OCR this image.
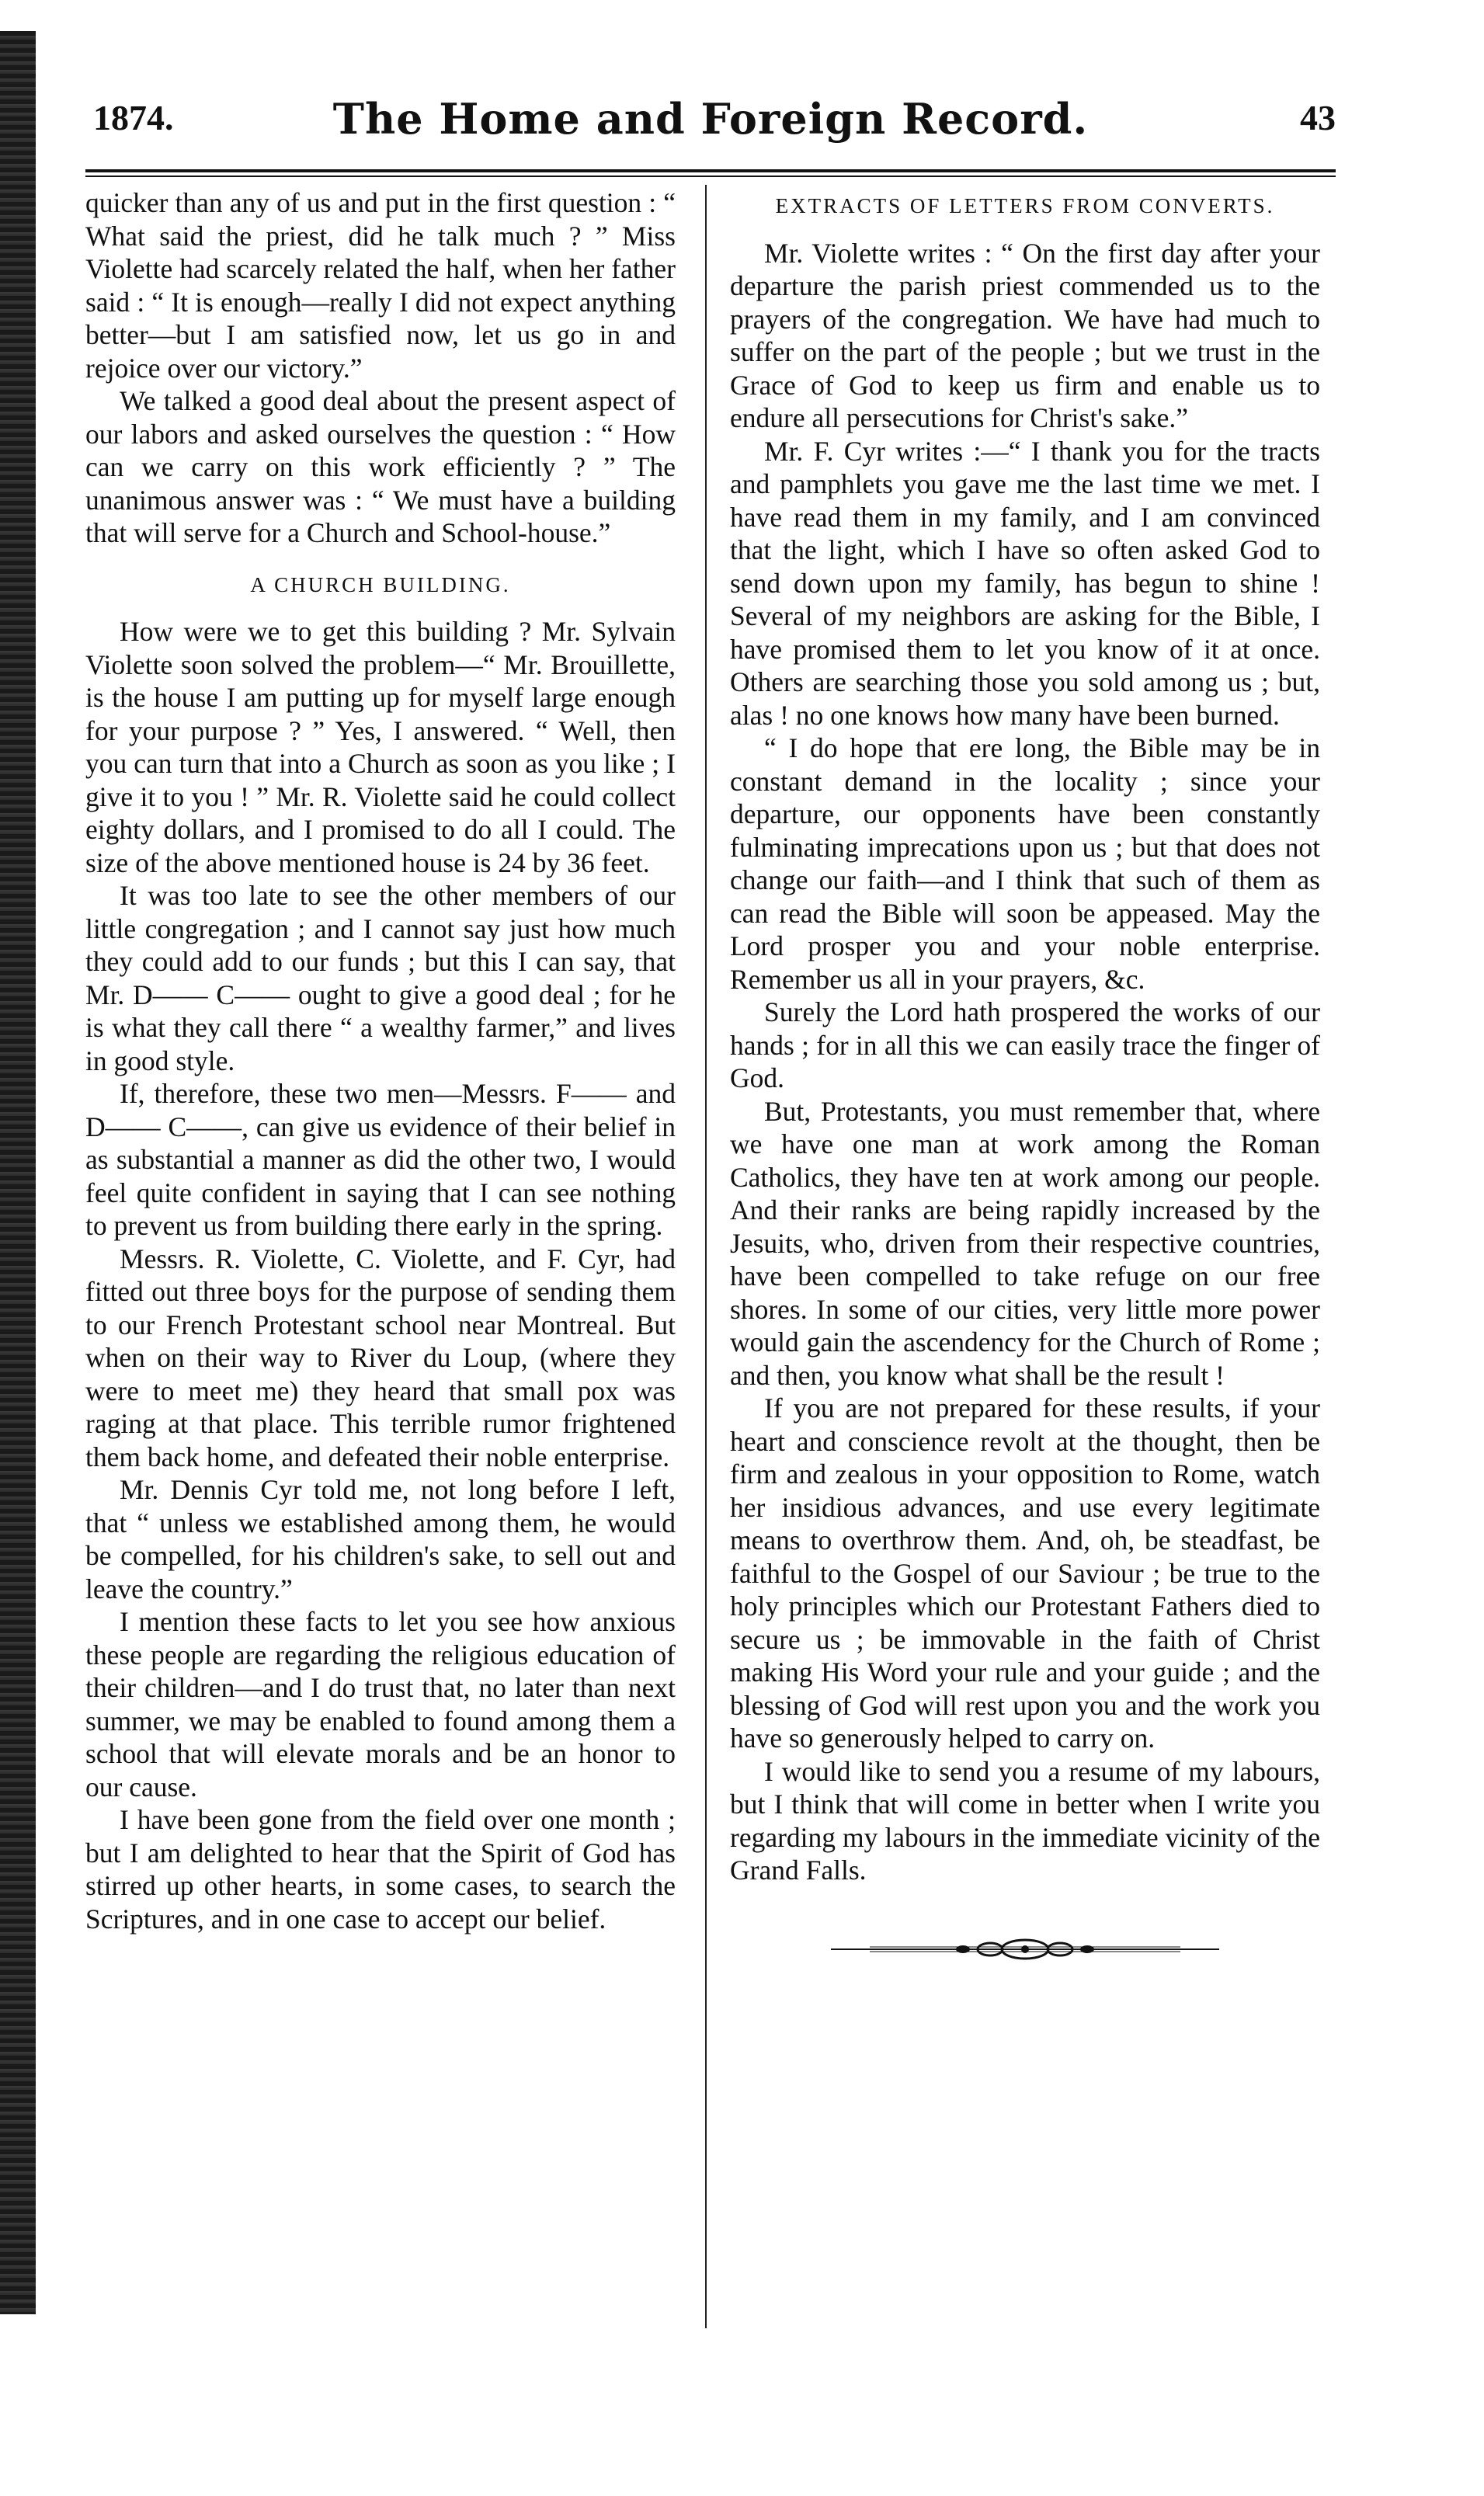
1874.	The Home and Foreign Record.	43

quicker than any of us and put in the first question : “ What said the priest, did he talk much ? ” Miss Violette had scarcely related the half, when her father said : “ It is enough—really I did not expect anything better—but I am satisfied now, let us go in and rejoice over our victory.”

We talked a good deal about the present aspect of our labors and asked ourselves the question : “ How can we carry on this work efficiently ? ” The unanimous answer was : “ We must have a building that will serve for a Church and School-house.”

A CHURCH BUILDING.

How were we to get this building ? Mr. Sylvain Violette soon solved the problem—“ Mr. Brouillette, is the house I am putting up for myself large enough for your purpose ? ” Yes, I answered. “ Well, then you can turn that into a Church as soon as you like ; I give it to you ! ” Mr. R. Violette said he could collect eighty dollars, and I promised to do all I could. The size of the above mentioned house is 24 by 36 feet.

It was too late to see the other members of our little congregation ; and I cannot say just how much they could add to our funds ; but this I can say, that Mr. D—— C—— ought to give a good deal ; for he is what they call there “ a wealthy farmer,” and lives in good style.

If, therefore, these two men—Messrs. F—— and D—— C——, can give us evidence of their belief in as substantial a manner as did the other two, I would feel quite confident in saying that I can see nothing to prevent us from building there early in the spring.

Messrs. R. Violette, C. Violette, and F. Cyr, had fitted out three boys for the purpose of sending them to our French Protestant school near Montreal. But when on their way to River du Loup, (where they were to meet me) they heard that small pox was raging at that place. This terrible rumor frightened them back home, and defeated their noble enterprise.

Mr. Dennis Cyr told me, not long before I left, that “ unless we established among them, he would be compelled, for his children's sake, to sell out and leave the country.”

I mention these facts to let you see how anxious these people are regarding the religious education of their children—and I do trust that, no later than next summer, we may be enabled to found among them a school that will elevate morals and be an honor to our cause.

I have been gone from the field over one month ; but I am delighted to hear that the Spirit of God has stirred up other hearts, in some cases, to search the Scriptures, and in one case to accept our belief.

EXTRACTS OF LETTERS FROM CONVERTS.

Mr. Violette writes : “ On the first day after your departure the parish priest commended us to the prayers of the congregation. We have had much to suffer on the part of the people ; but we trust in the Grace of God to keep us firm and enable us to endure all persecutions for Christ's sake.”

Mr. F. Cyr writes :—“ I thank you for the tracts and pamphlets you gave me the last time we met. I have read them in my family, and I am convinced that the light, which I have so often asked God to send down upon my family, has begun to shine ! Several of my neighbors are asking for the Bible, I have promised them to let you know of it at once. Others are searching those you sold among us ; but, alas ! no one knows how many have been burned.

“ I do hope that ere long, the Bible may be in constant demand in the locality ; since your departure, our opponents have been constantly fulminating imprecations upon us ; but that does not change our faith—and I think that such of them as can read the Bible will soon be appeased. May the Lord prosper you and your noble enterprise. Remember us all in your prayers, &c.

Surely the Lord hath prospered the works of our hands ; for in all this we can easily trace the finger of God.

But, Protestants, you must remember that, where we have one man at work among the Roman Catholics, they have ten at work among our people. And their ranks are being rapidly increased by the Jesuits, who, driven from their respective countries, have been compelled to take refuge on our free shores. In some of our cities, very little more power would gain the ascendency for the Church of Rome ; and then, you know what shall be the result !

If you are not prepared for these results, if your heart and conscience revolt at the thought, then be firm and zealous in your opposition to Rome, watch her insidious advances, and use every legitimate means to overthrow them. And, oh, be steadfast, be faithful to the Gospel of our Saviour ; be true to the holy principles which our Protestant Fathers died to secure us ; be immovable in the faith of Christ making His Word your rule and your guide ; and the blessing of God will rest upon you and the work you have so generously helped to carry on.

I would like to send you a resume of my labours, but I think that will come in better when I write you regarding my labours in the immediate vicinity of the Grand Falls.
